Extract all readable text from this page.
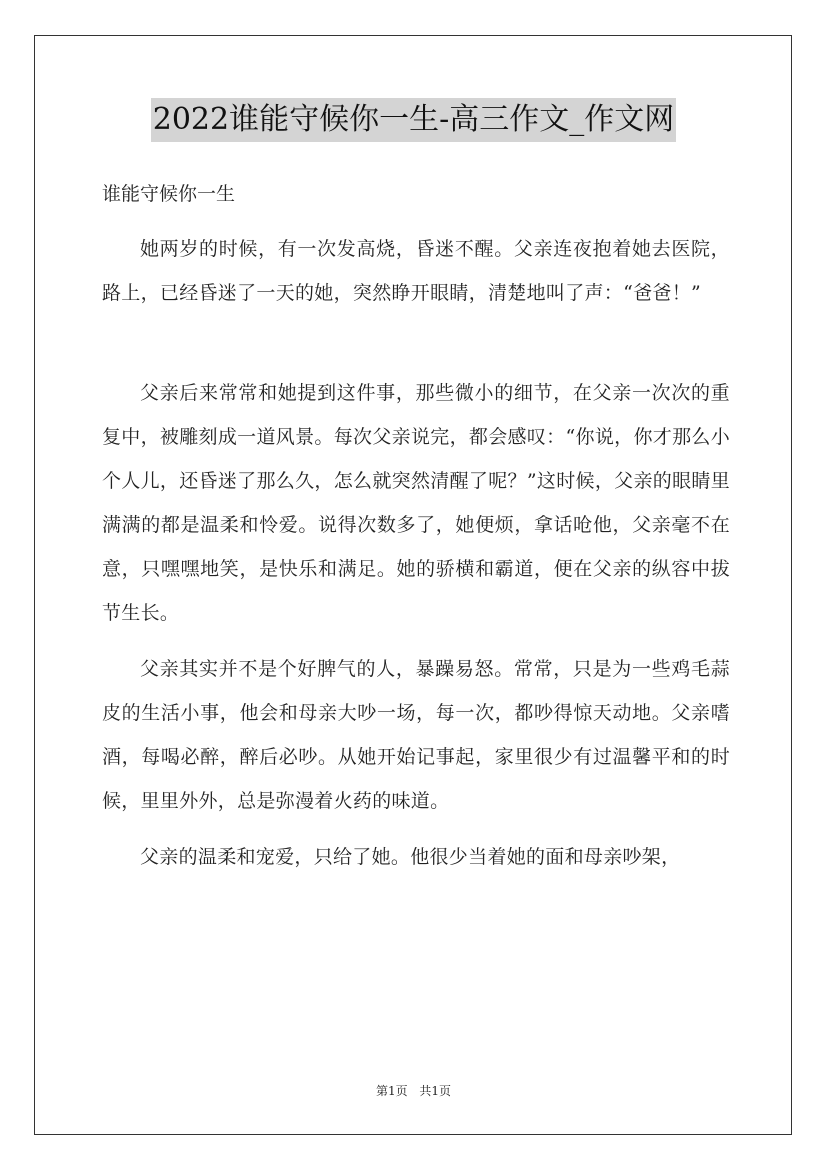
2022谁能守候你一生-高三作文_作文网
谁能守候你一生

她两岁的时候，有一次发高烧，昏迷不醒。父亲连夜抱着她去医院，路上，已经昏迷了一天的她，突然睁开眼睛，清楚地叫了声：“爸爸！”

父亲后来常常和她提到这件事，那些微小的细节，在父亲一次次的重复中，被雕刻成一道风景。每次父亲说完，都会感叹：“你说，你才那么小个人儿，还昏迷了那么久，怎么就突然清醒了呢？”这时候，父亲的眼睛里满满的都是温柔和怜爱。说得次数多了，她便烦，拿话呛他，父亲毫不在意，只嘿嘿地笑，是快乐和满足。她的骄横和霸道，便在父亲的纵容中拔节生长。

父亲其实并不是个好脾气的人，暴躁易怒。常常，只是为一些鸡毛蒜皮的生活小事，他会和母亲大吵一场，每一次，都吵得惊天动地。父亲嗜酒，每喝必醉，醉后必吵。从她开始记事起，家里很少有过温馨平和的时候，里里外外，总是弥漫着火药的味道。

父亲的温柔和宠爱，只给了她。他很少当着她的面和母亲吵架，

第1页 共1页
